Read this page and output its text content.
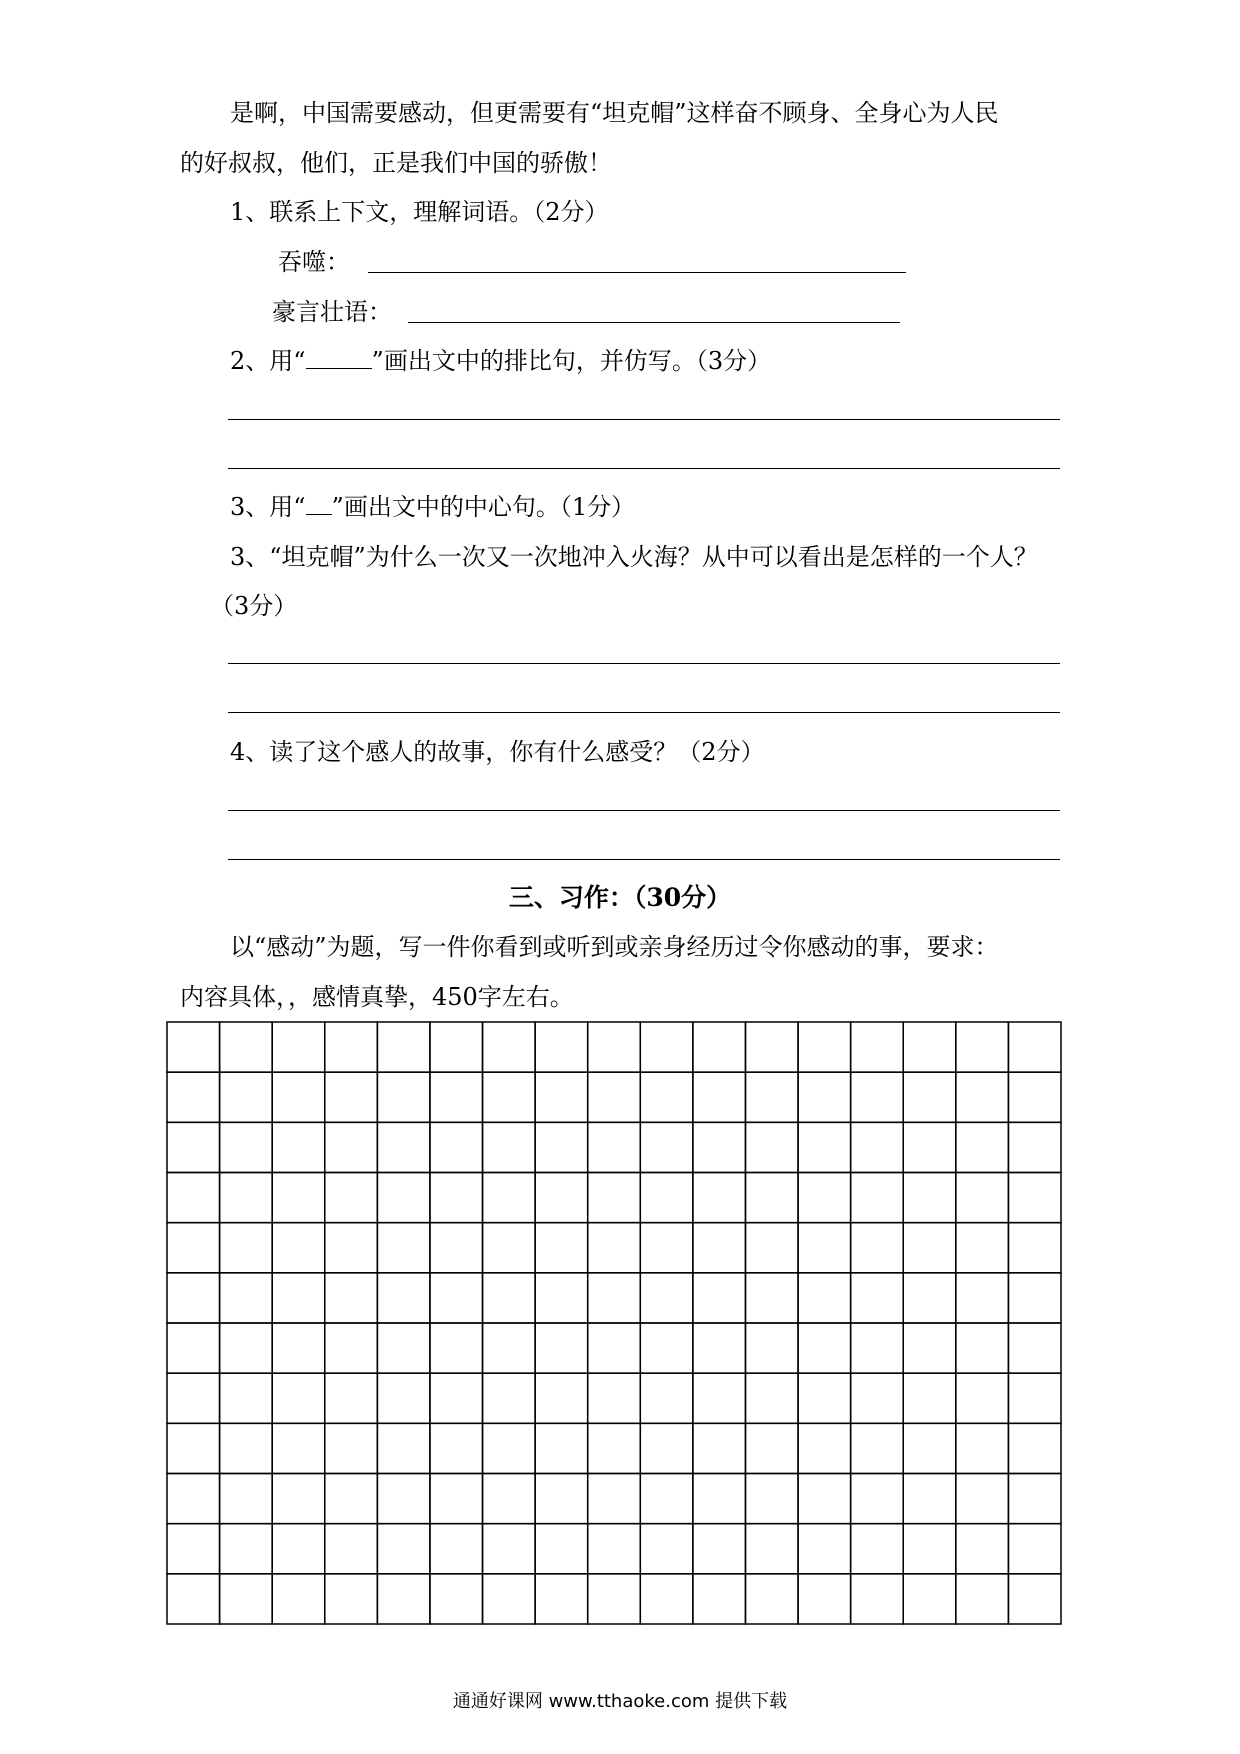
是啊，中国需要感动，但更需要有“坦克帽”这样奋不顾身、全身心为人民
的好叔叔，他们，正是我们中国的骄傲！
1、联系上下文，理解词语。（2分）
吞噬：
豪言壮语：
2、用“	”画出文中的排比句，并仿写。（3分）
3、用“ ”画出文中的中心句。（1分）
3、“坦克帽”为什么一次又一次地冲入火海？从中可以看出是怎样的一个人？
（3分）
4、读了这个感人的故事，你有什么感受？（2分）
三、习作：（30分）
以“感动”为题，写一件你看到或听到或亲身经历过令你感动的事，要求：
内容具体，，感情真挚，450字左右。
通通好课网 www.tthaoke.com 提供下载
